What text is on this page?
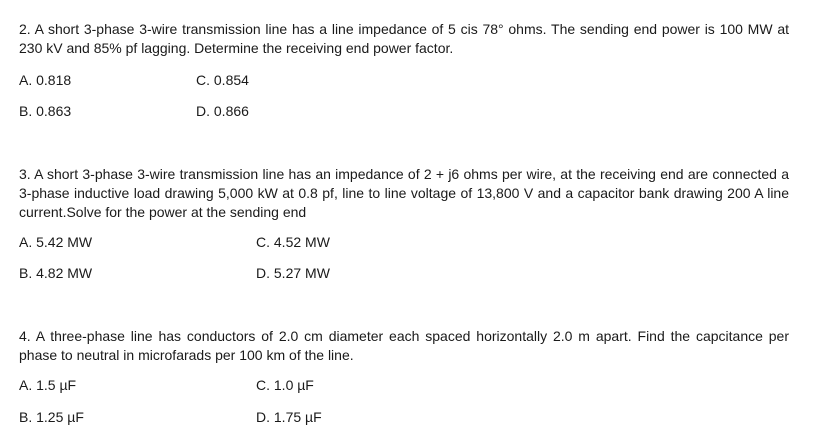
2. A short 3-phase 3-wire transmission line has a line impedance of 5 cis 78° ohms. The sending end power is 100 MW at 230 kV and 85% pf lagging. Determine the receiving end power factor.

A. 0.818	C. 0.854
B. 0.863	D. 0.866

3. A short 3-phase 3-wire transmission line has an impedance of 2 + j6 ohms per wire, at the receiving end are connected a 3-phase inductive load drawing 5,000 kW at 0.8 pf, line to line voltage of 13,800 V and a capacitor bank drawing 200 A line current.Solve for the power at the sending end

A. 5.42 MW	C. 4.52 MW
B. 4.82 MW	D. 5.27 MW

4. A three-phase line has conductors of 2.0 cm diameter each spaced horizontally 2.0 m apart. Find the capcitance per phase to neutral in microfarads per 100 km of the line.

A. 1.5 µF	C. 1.0 µF
B. 1.25 µF	D. 1.75 µF
